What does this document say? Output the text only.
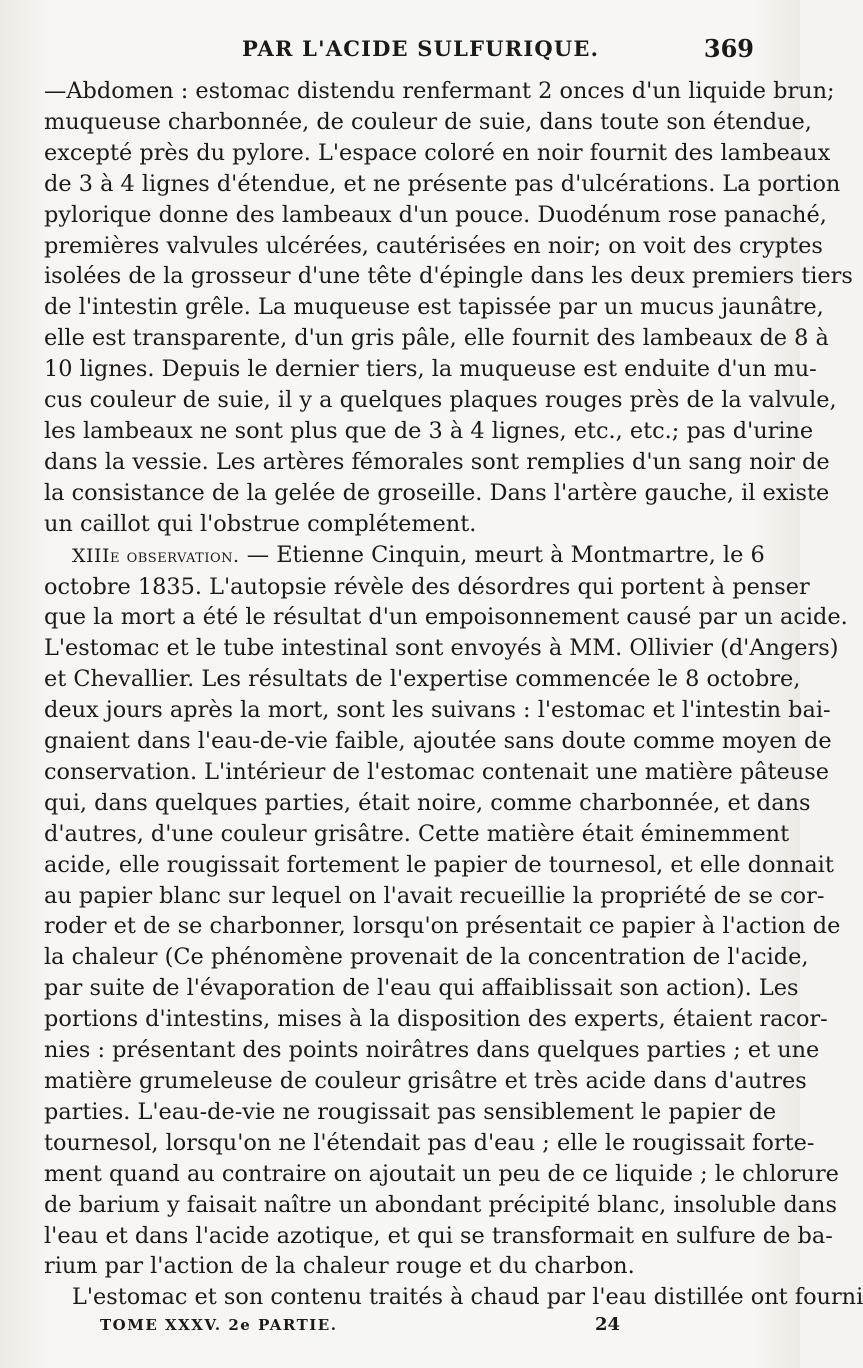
PAR L'ACIDE SULFURIQUE.	369

—Abdomen : estomac distendu renfermant 2 onces d'un liquide brun;
muqueuse charbonnée, de couleur de suie, dans toute son étendue,
excepté près du pylore. L'espace coloré en noir fournit des lambeaux
de 3 à 4 lignes d'étendue, et ne présente pas d'ulcérations. La portion
pylorique donne des lambeaux d'un pouce. Duodénum rose panaché,
premières valvules ulcérées, cautérisées en noir; on voit des cryptes
isolées de la grosseur d'une tête d'épingle dans les deux premiers tiers
de l'intestin grêle. La muqueuse est tapissée par un mucus jaunâtre,
elle est transparente, d'un gris pâle, elle fournit des lambeaux de 8 à
10 lignes. Depuis le dernier tiers, la muqueuse est enduite d'un mu-
cus couleur de suie, il y a quelques plaques rouges près de la valvule,
les lambeaux ne sont plus que de 3 à 4 lignes, etc., etc.; pas d'urine
dans la vessie. Les artères fémorales sont remplies d'un sang noir de
la consistance de la gelée de groseille. Dans l'artère gauche, il existe
un caillot qui l'obstrue complétement.

XIIIe observation. — Etienne Cinquin, meurt à Montmartre, le 6
octobre 1835. L'autopsie révèle des désordres qui portent à penser
que la mort a été le résultat d'un empoisonnement causé par un acide.
L'estomac et le tube intestinal sont envoyés à MM. Ollivier (d'Angers)
et Chevallier. Les résultats de l'expertise commencée le 8 octobre,
deux jours après la mort, sont les suivans : l'estomac et l'intestin bai-
gnaient dans l'eau-de-vie faible, ajoutée sans doute comme moyen de
conservation. L'intérieur de l'estomac contenait une matière pâteuse
qui, dans quelques parties, était noire, comme charbonnée, et dans
d'autres, d'une couleur grisâtre. Cette matière était éminemment
acide, elle rougissait fortement le papier de tournesol, et elle donnait
au papier blanc sur lequel on l'avait recueillie la propriété de se cor-
roder et de se charbonner, lorsqu'on présentait ce papier à l'action de
la chaleur (Ce phénomène provenait de la concentration de l'acide,
par suite de l'évaporation de l'eau qui affaiblissait son action). Les
portions d'intestins, mises à la disposition des experts, étaient racor-
nies : présentant des points noirâtres dans quelques parties ; et une
matière grumeleuse de couleur grisâtre et très acide dans d'autres
parties. L'eau-de-vie ne rougissait pas sensiblement le papier de
tournesol, lorsqu'on ne l'étendait pas d'eau ; elle le rougissait forte-
ment quand au contraire on ajoutait un peu de ce liquide ; le chlorure
de barium y faisait naître un abondant précipité blanc, insoluble dans
l'eau et dans l'acide azotique, et qui se transformait en sulfure de ba-
rium par l'action de la chaleur rouge et du charbon.

L'estomac et son contenu traités à chaud par l'eau distillée ont fourni

TOME XXXV. 2e PARTIE.	24
